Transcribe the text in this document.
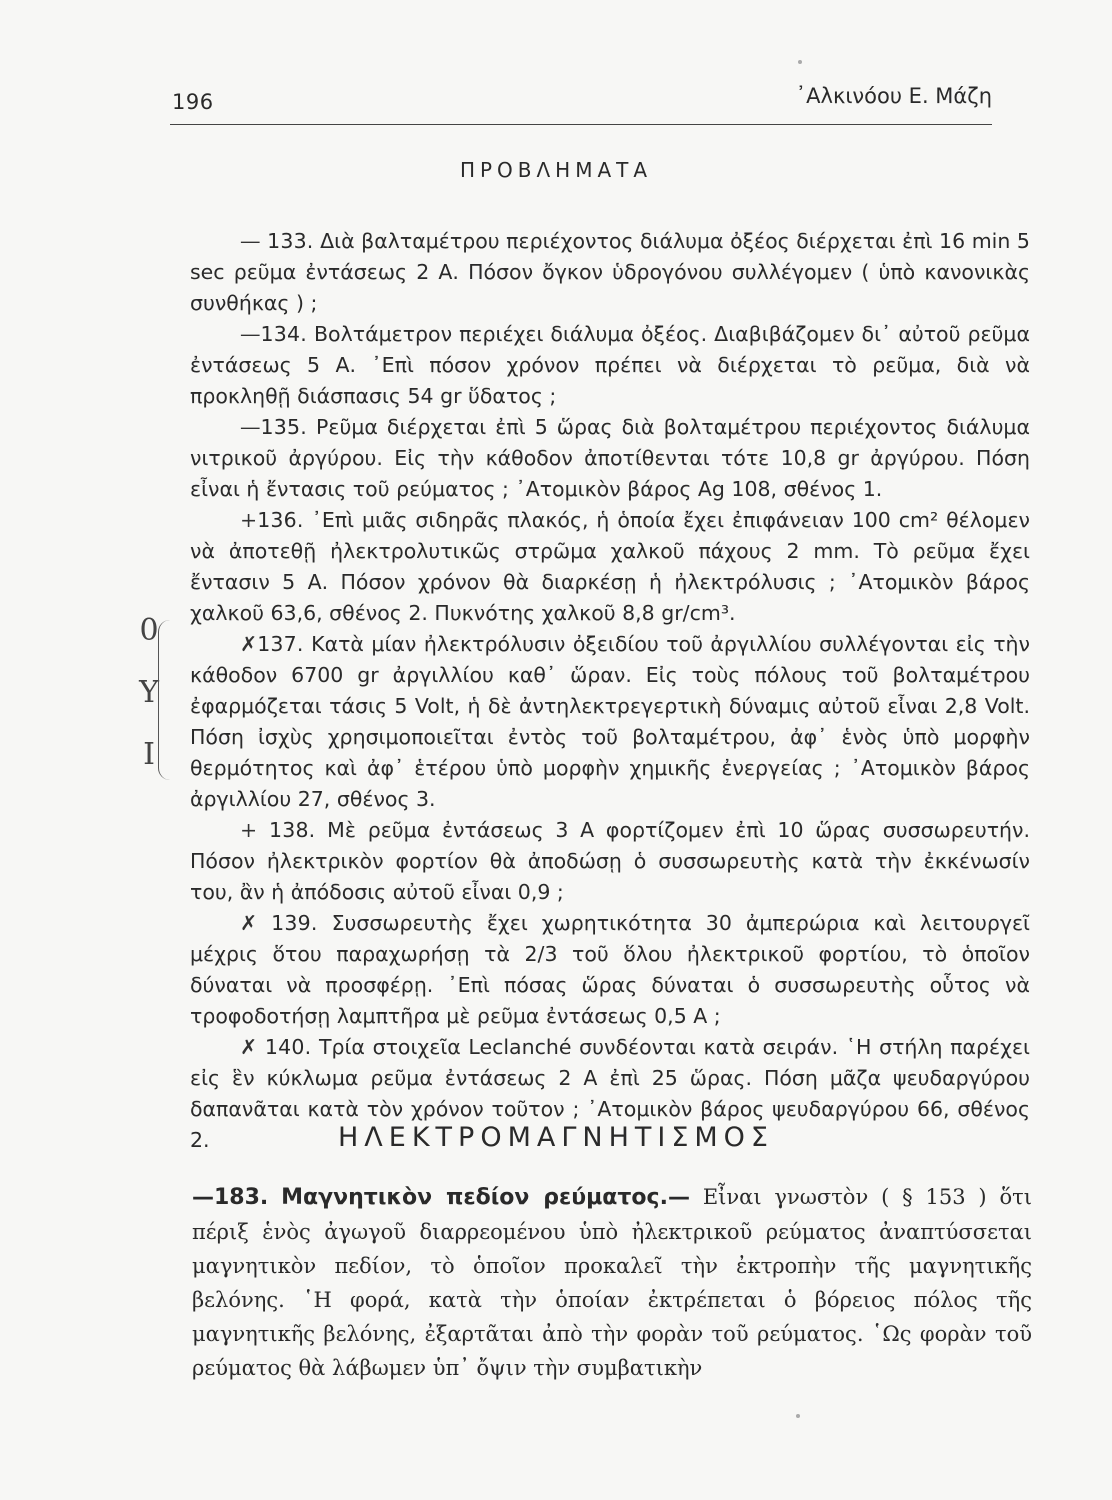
196	᾿Αλκινόου Ε. Μάζη
ΠΡΟΒΛΗΜΑΤΑ

— 133. Διὰ βαλταμέτρου περιέχοντος διάλυμα ὀξέος διέρχεται ἐπὶ 16 min 5 sec ρεῦμα ἐντάσεως 2 Α. Πόσον ὄγκον ὑδρογόνου συλλέγομεν ( ὑπὸ κανονικὰς συνθήκας ) ;

—134. Βολτάμετρον περιέχει διάλυμα ὀξέος. Διαβιβάζομεν δι᾿ αὐτοῦ ρεῦμα ἐντάσεως 5 Α. ᾿Επὶ πόσον χρόνον πρέπει νὰ διέρχεται τὸ ρεῦμα, διὰ νὰ προκληθῇ διάσπασις 54 gr ὕδατος ;

—135. Ρεῦμα διέρχεται ἐπὶ 5 ὥρας διὰ βολταμέτρου περιέχοντος διάλυμα νιτρικοῦ ἀργύρου. Εἰς τὴν κάθοδον ἀποτίθενται τότε 10,8 gr ἀργύρου. Πόση εἶναι ἡ ἔντασις τοῦ ρεύματος ; ᾿Ατομικὸν βάρος Ag 108, σθένος 1.

+136. ᾿Επὶ μιᾶς σιδηρᾶς πλακός, ἡ ὁποία ἔχει ἐπιφάνειαν 100 cm² θέλομεν νὰ ἀποτεθῇ ἠλεκτρολυτικῶς στρῶμα χαλκοῦ πάχους 2 mm. Τὸ ρεῦμα ἔχει ἔντασιν 5 Α. Πόσον χρόνον θὰ διαρκέσῃ ἡ ἠλεκτρόλυσις ; ᾿Ατομικὸν βάρος χαλκοῦ 63,6, σθένος 2. Πυκνότης χαλκοῦ 8,8 gr/cm³.

✗137. Κατὰ μίαν ἠλεκτρόλυσιν ὀξειδίου τοῦ ἀργιλλίου συλλέγονται εἰς τὴν κάθοδον 6700 gr ἀργιλλίου καθ᾿ ὥραν. Εἰς τοὺς πόλους τοῦ βολταμέτρου ἐφαρμόζεται τάσις 5 Volt, ἡ δὲ ἀντηλεκτρεγερτικὴ δύναμις αὐτοῦ εἶναι 2,8 Volt. Πόση ἰσχὺς χρησιμοποιεῖται ἐντὸς τοῦ βολταμέτρου, ἀφ᾿ ἑνὸς ὑπὸ μορφὴν θερμότητος καὶ ἀφ᾿ ἑτέρου ὑπὸ μορφὴν χημικῆς ἐνεργείας ; ᾿Ατομικὸν βάρος ἀργιλλίου 27, σθένος 3.

+ 138. Μὲ ρεῦμα ἐντάσεως 3 Α φορτίζομεν ἐπὶ 10 ὥρας συσσωρευτήν. Πόσον ἠλεκτρικὸν φορτίον θὰ ἀποδώσῃ ὁ συσσωρευτὴς κατὰ τὴν ἐκκένωσίν του, ἂν ἡ ἀπόδοσις αὐτοῦ εἶναι 0,9 ;

✗ 139. Συσσωρευτὴς ἔχει χωρητικότητα 30 ἀμπερώρια καὶ λειτουργεῖ μέχρις ὅτου παραχωρήσῃ τὰ 2/3 τοῦ ὅλου ἠλεκτρικοῦ φορτίου, τὸ ὁποῖον δύναται νὰ προσφέρῃ. ᾿Επὶ πόσας ὥρας δύναται ὁ συσσωρευτὴς οὗτος νὰ τροφοδοτήσῃ λαμπτῆρα μὲ ρεῦμα ἐντάσεως 0,5 Α ;

✗ 140. Τρία στοιχεῖα Leclanché συνδέονται κατὰ σειράν. ῾Η στήλη παρέχει εἰς ἓν κύκλωμα ρεῦμα ἐντάσεως 2 Α ἐπὶ 25 ὥρας. Πόση μᾶζα ψευδαργύρου δαπανᾶται κατὰ τὸν χρόνον τοῦτον ; ᾿Ατομικὸν βάρος ψευδαργύρου 66, σθένος 2.

0
Y
I
ΗΛΕΚΤΡΟΜΑΓΝΗΤΙΣΜΟΣ

—183. Μαγνητικὸν πεδίον ρεύματος.— Εἶναι γνωστὸν ( § 153 ) ὅτι πέριξ ἑνὸς ἀγωγοῦ διαρρεομένου ὑπὸ ἠλεκτρικοῦ ρεύματος ἀναπτύσσεται μαγνητικὸν πεδίον, τὸ ὁποῖον προκαλεῖ τὴν ἐκτροπὴν τῆς μαγνητικῆς βελόνης. ῾Η φορά, κατὰ τὴν ὁποίαν ἐκτρέπεται ὁ βόρειος πόλος τῆς μαγνητικῆς βελόνης, ἐξαρτᾶται ἀπὸ τὴν φορὰν τοῦ ρεύματος. ῾Ως φορὰν τοῦ ρεύματος θὰ λάβωμεν ὑπ᾿ ὄψιν τὴν συμβατικὴν
